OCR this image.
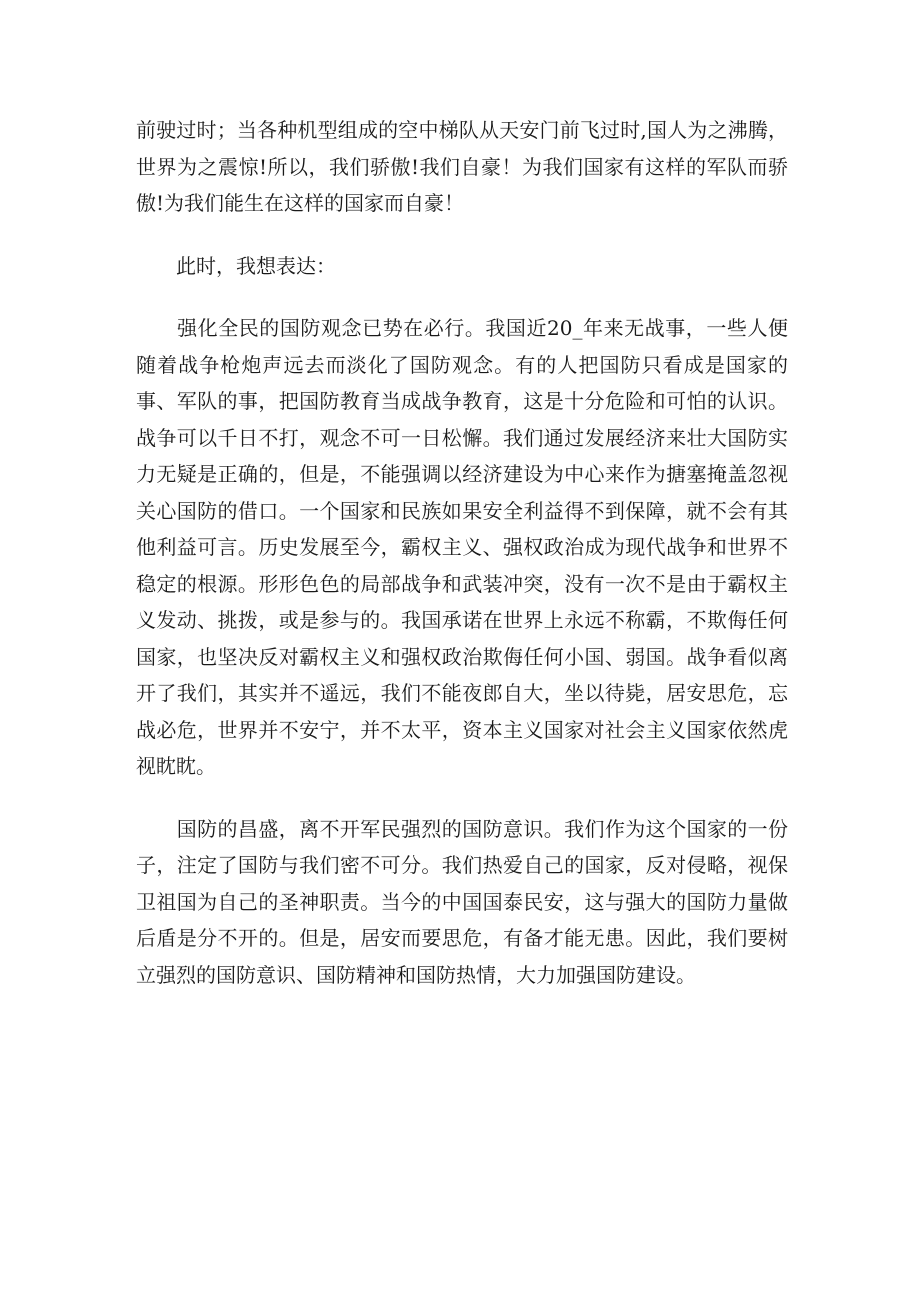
前驶过时；当各种机型组成的空中梯队从天安门前飞过时,国人为之沸腾，世界为之震惊!所以，我们骄傲!我们自豪！为我们国家有这样的军队而骄傲!为我们能生在这样的国家而自豪！

　　此时，我想表达：

　　强化全民的国防观念已势在必行。我国近20_年来无战事，一些人便随着战争枪炮声远去而淡化了国防观念。有的人把国防只看成是国家的事、军队的事，把国防教育当成战争教育，这是十分危险和可怕的认识。战争可以千日不打，观念不可一日松懈。我们通过发展经济来壮大国防实力无疑是正确的，但是，不能强调以经济建设为中心来作为搪塞掩盖忽视关心国防的借口。一个国家和民族如果安全利益得不到保障，就不会有其他利益可言。历史发展至今，霸权主义、强权政治成为现代战争和世界不稳定的根源。形形色色的局部战争和武装冲突，没有一次不是由于霸权主义发动、挑拨，或是参与的。我国承诺在世界上永远不称霸，不欺侮任何国家，也坚决反对霸权主义和强权政治欺侮任何小国、弱国。战争看似离开了我们，其实并不遥远，我们不能夜郎自大，坐以待毙，居安思危，忘战必危，世界并不安宁，并不太平，资本主义国家对社会主义国家依然虎视眈眈。

　　国防的昌盛，离不开军民强烈的国防意识。我们作为这个国家的一份子，注定了国防与我们密不可分。我们热爱自己的国家，反对侵略，视保卫祖国为自己的圣神职责。当今的中国国泰民安，这与强大的国防力量做后盾是分不开的。但是，居安而要思危，有备才能无患。因此，我们要树立强烈的国防意识、国防精神和国防热情，大力加强国防建设。
